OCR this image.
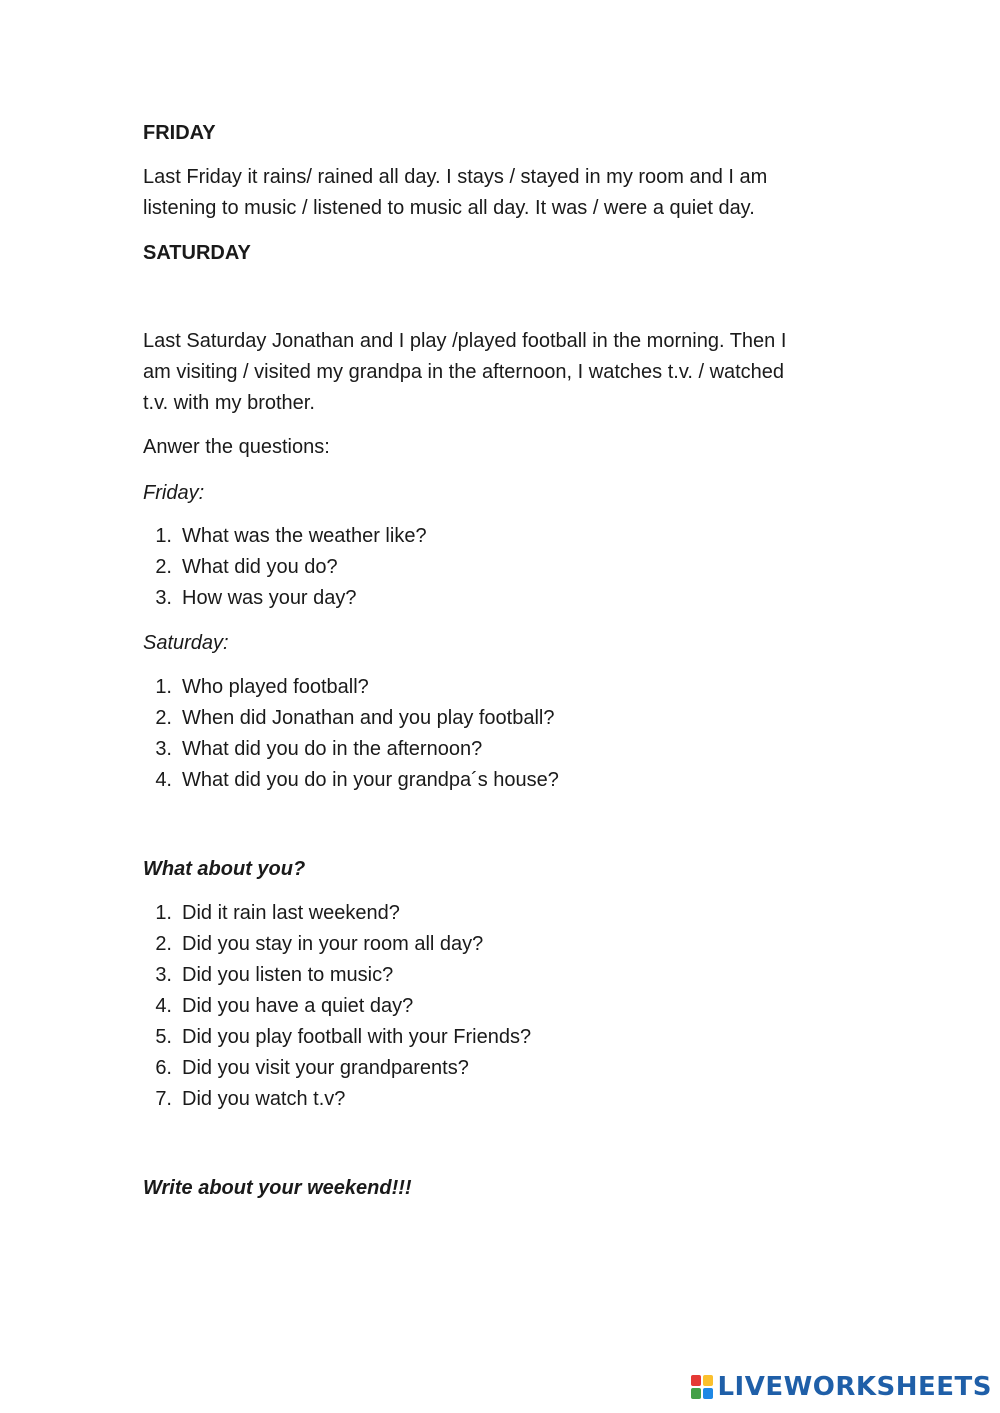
FRIDAY

Last Friday it rains/ rained all day. I stays / stayed in my room and I am
listening to music / listened to music all day. It was / were a quiet day.

SATURDAY

Last Saturday Jonathan and I play /played football in the morning. Then I
am visiting / visited my grandpa in the afternoon, I watches t.v. / watched
t.v. with my brother.

Anwer the questions:

Friday:

1. What was the weather like?
2. What did you do?
3. How was your day?

Saturday:

1. Who played football?
2. When did Jonathan and you play football?
3. What did you do in the afternoon?
4. What did you do in your grandpa´s house?

What about you?

1. Did it rain last weekend?
2. Did you stay in your room all day?
3. Did you listen to music?
4. Did you have a quiet day?
5. Did you play football with your Friends?
6. Did you visit your grandparents?
7. Did you watch t.v?

Write about your weekend!!!

LIVEWORKSHEETS
